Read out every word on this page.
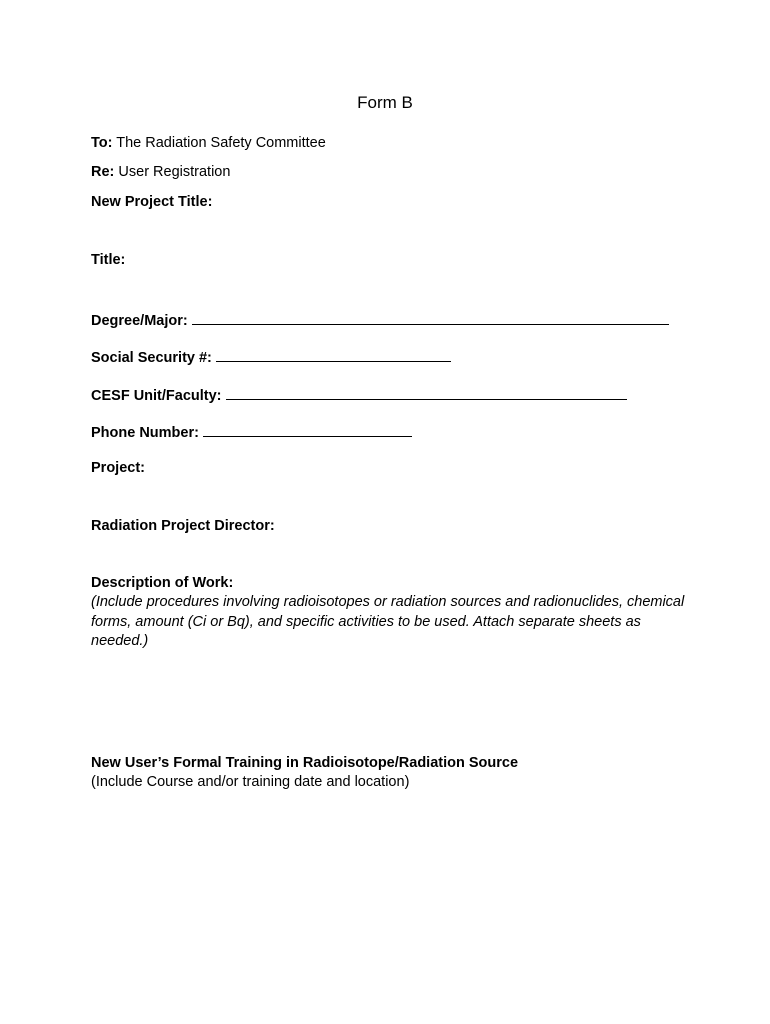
Form B
To: The Radiation Safety Committee
Re: User Registration
New Project Title:
Title:
Degree/Major:
Social Security #:
CESF Unit/Faculty:
Phone Number:
Project:
Radiation Project Director:
Description of Work:
(Include procedures involving radioisotopes or radiation sources and radionuclides, chemical forms, amount (Ci or Bq), and specific activities to be used. Attach separate sheets as needed.)
New User’s Formal Training in Radioisotope/Radiation Source
(Include Course and/or training date and location)
